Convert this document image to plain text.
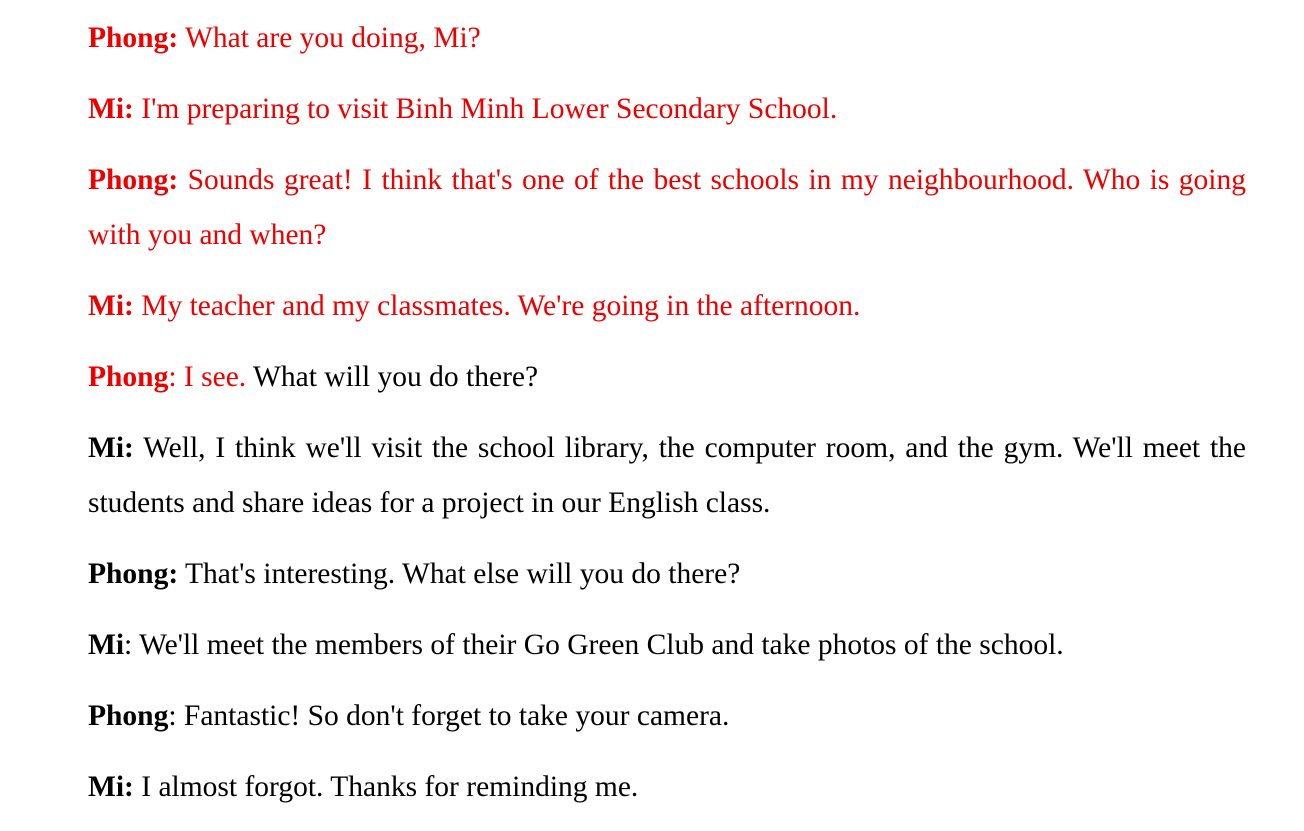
Phong: What are you doing, Mi?

Mi: I'm preparing to visit Binh Minh Lower Secondary School.

Phong: Sounds great! I think that's one of the best schools in my neighbourhood. Who is going with you and when?

Mi: My teacher and my classmates. We're going in the afternoon.

Phong: I see. What will you do there?

Mi: Well, I think we'll visit the school library, the computer room, and the gym. We'll meet the students and share ideas for a project in our English class.

Phong: That's interesting. What else will you do there?

Mi: We'll meet the members of their Go Green Club and take photos of the school.

Phong: Fantastic! So don't forget to take your camera.

Mi: I almost forgot. Thanks for reminding me.
